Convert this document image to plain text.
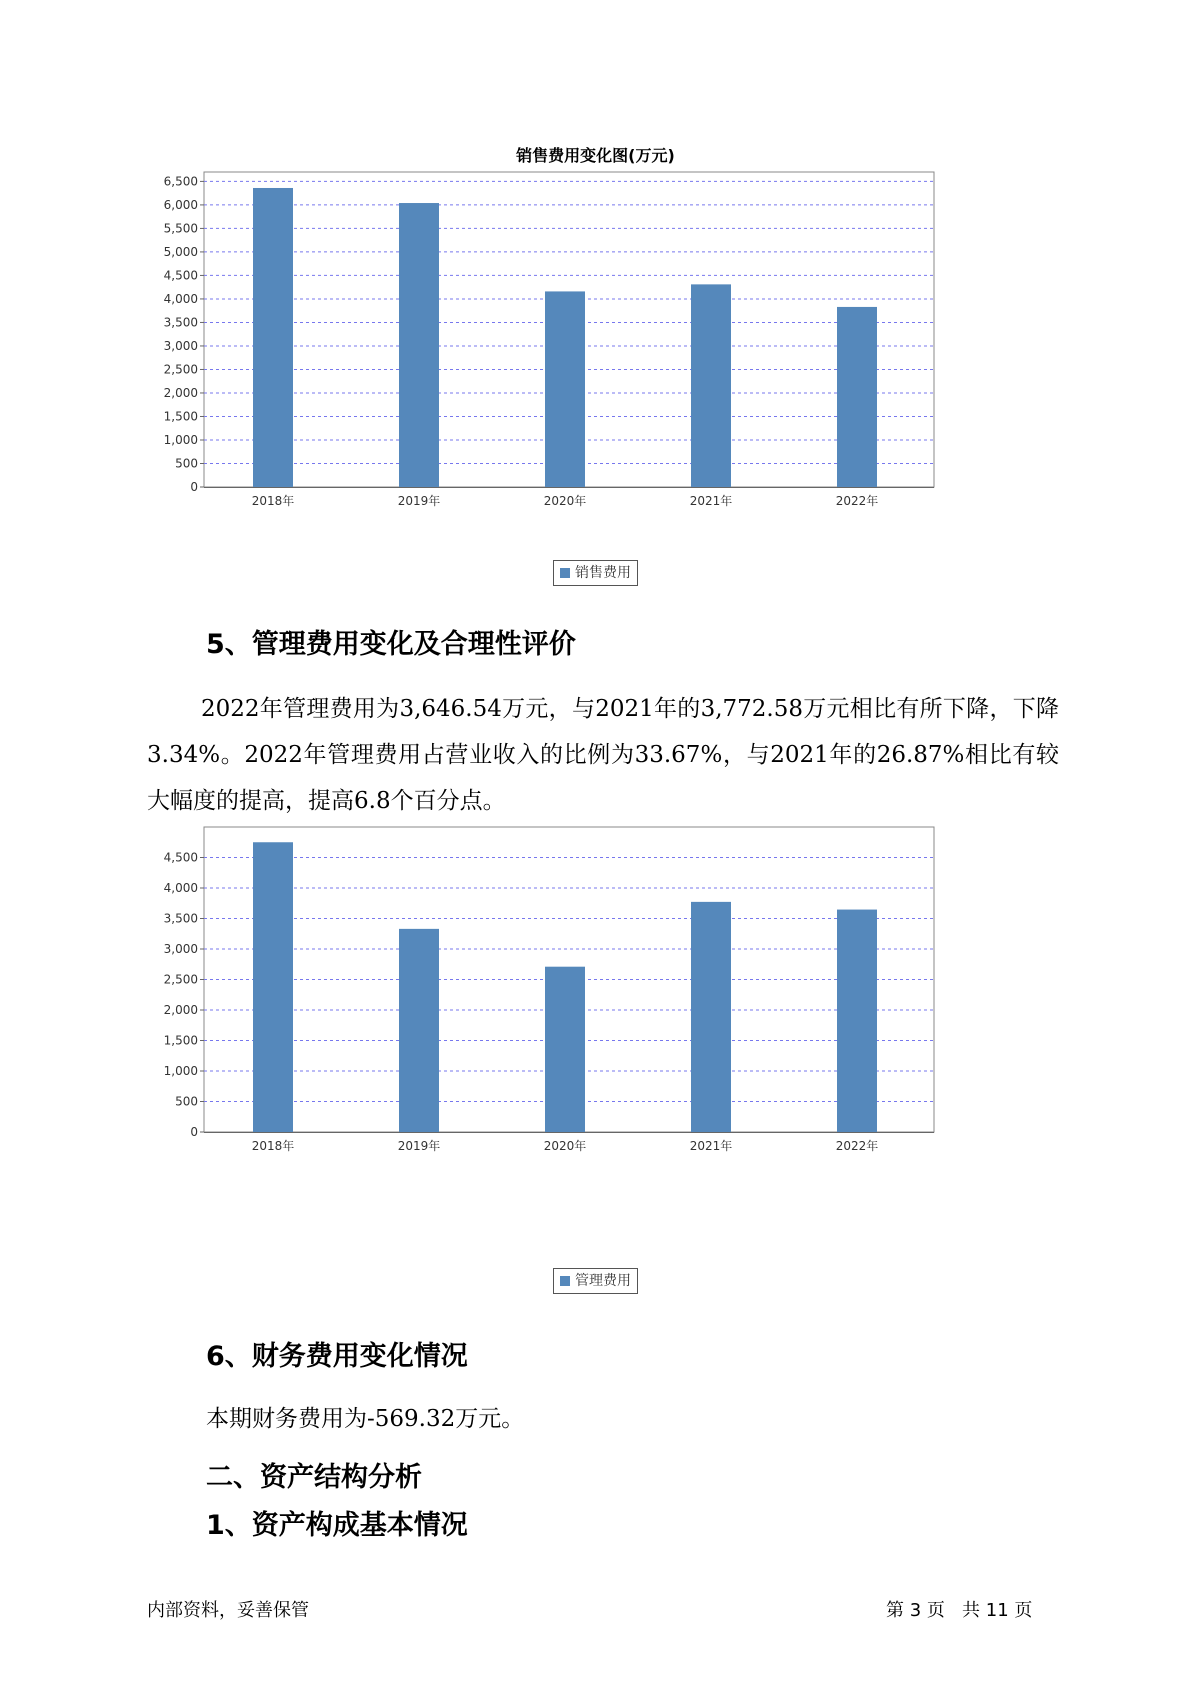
销售费用变化图(万元)
0
500
1,000
1,500
2,000
2,500
3,000
3,500
4,000
4,500
5,000
5,500
6,000
6,500
2018年	2019年	2020年	2021年	2022年
销售费用
5、管理费用变化及合理性评价
2022年管理费用为3,646.54万元，与2021年的3,772.58万元相比有所下降，下降3.34%。2022年管理费用占营业收入的比例为33.67%，与2021年的26.87%相比有较大幅度的提高，提高6.8个百分点。
0
500
1,000
1,500
2,000
2,500
3,000
3,500
4,000
4,500
2018年	2019年	2020年	2021年	2022年
管理费用
6、财务费用变化情况
本期财务费用为-569.32万元。
二、资产结构分析
1、资产构成基本情况
内部资料，妥善保管	第 3 页   共 11 页
